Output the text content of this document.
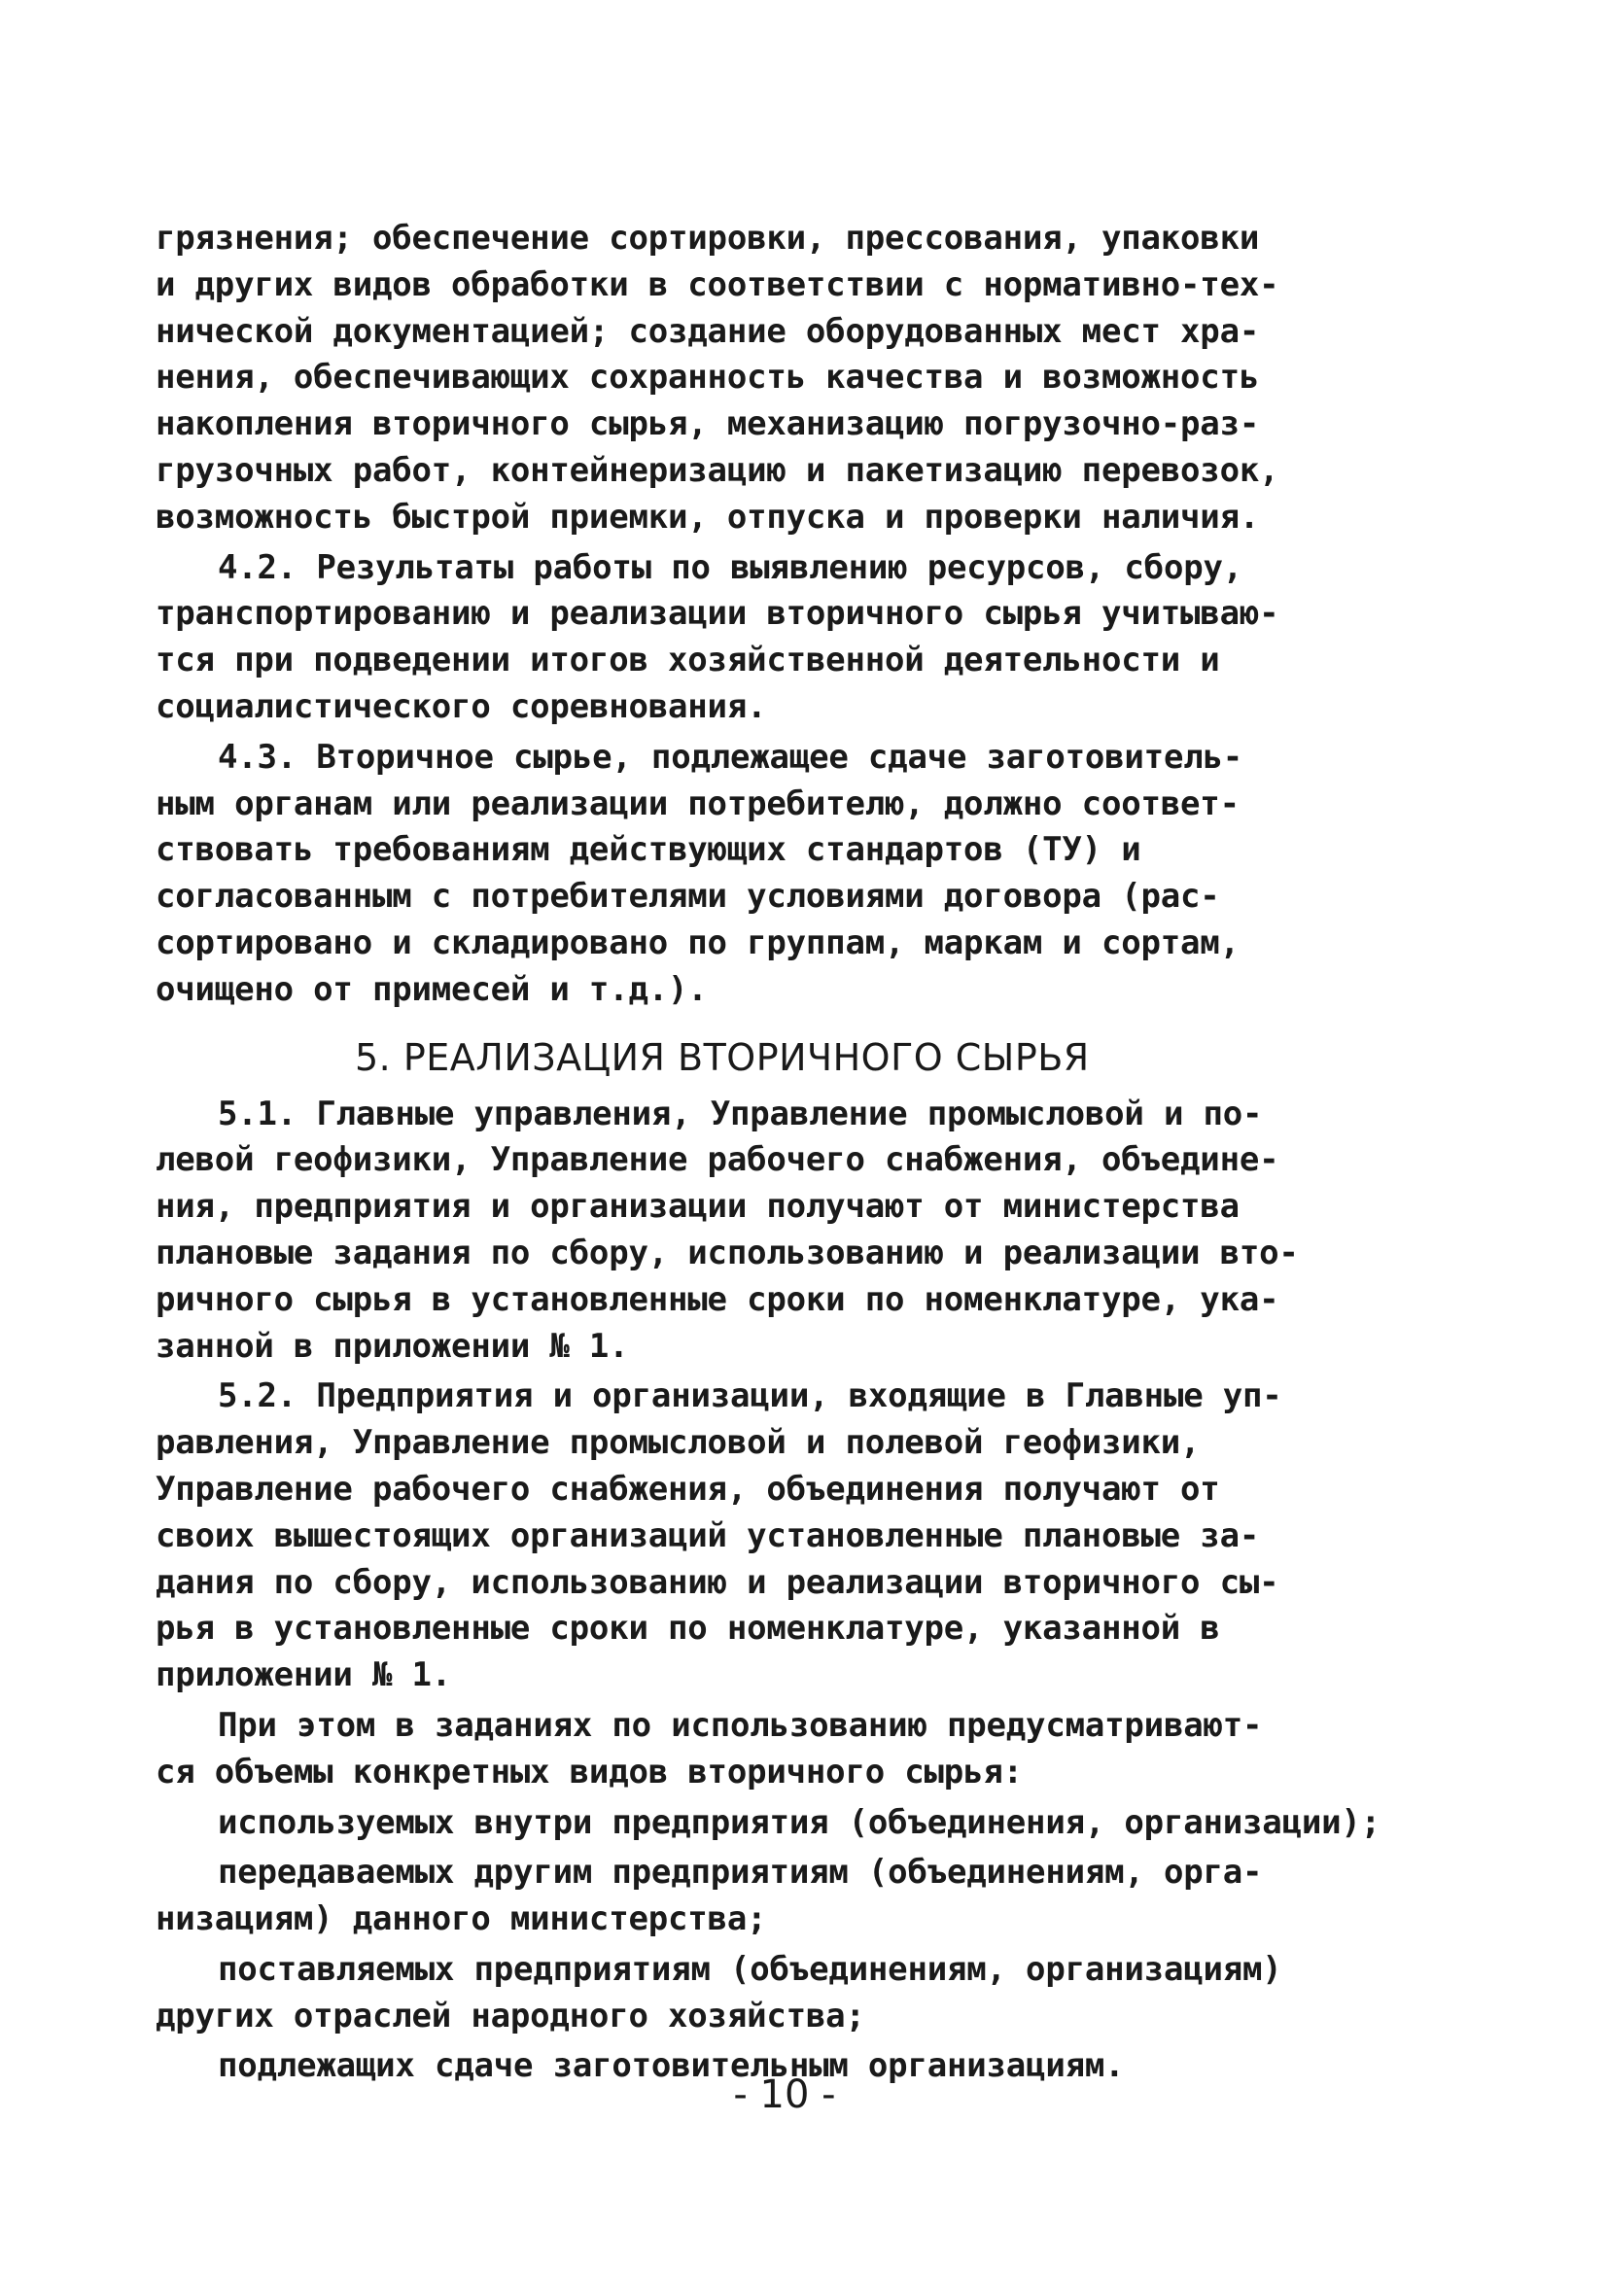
грязнения; обеспечение сортировки, прессования, упаковки
и других видов обработки в соответствии с нормативно-тех-
нической документацией; создание оборудованных мест хра-
нения, обеспечивающих сохранность качества и возможность
накопления вторичного сырья, механизацию погрузочно-раз-
грузочных работ, контейнеризацию и пакетизацию перевозок,
возможность быстрой приемки, отпуска и проверки наличия.

4.2. Результаты работы по выявлению ресурсов, сбору,
транспортированию и реализации вторичного сырья учитываю-
тся при подведении итогов хозяйственной деятельности и
социалистического соревнования.

4.3. Вторичное сырье, подлежащее сдаче заготовитель-
ным органам или реализации потребителю, должно соответ-
ствовать требованиям действующих стандартов (ТУ) и
согласованным с потребителями условиями договора (рас-
сортировано и складировано по группам, маркам и сортам,
очищено от примесей и т.д.).

5. РЕАЛИЗАЦИЯ ВТОРИЧНОГО СЫРЬЯ

5.1. Главные управления, Управление промысловой и по-
левой геофизики, Управление рабочего снабжения, объедине-
ния, предприятия и организации получают от министерства
плановые задания по сбору, использованию и реализации вто-
ричного сырья в установленные сроки по номенклатуре, ука-
занной в приложении № 1.

5.2. Предприятия и организации, входящие в Главные уп-
равления, Управление промысловой и полевой геофизики,
Управление рабочего снабжения, объединения получают от
своих вышестоящих организаций установленные плановые за-
дания по сбору, использованию и реализации вторичного сы-
рья в установленные сроки по номенклатуре, указанной в
приложении № 1.

При этом в заданиях по использованию предусматривают-
ся объемы конкретных видов вторичного сырья:

используемых внутри предприятия (объединения, организации);

передаваемых другим предприятиям (объединениям, орга-
низациям) данного министерства;

поставляемых предприятиям (объединениям, организациям)
других отраслей народного хозяйства;

подлежащих сдаче заготовительным организациям.

- 10 -
